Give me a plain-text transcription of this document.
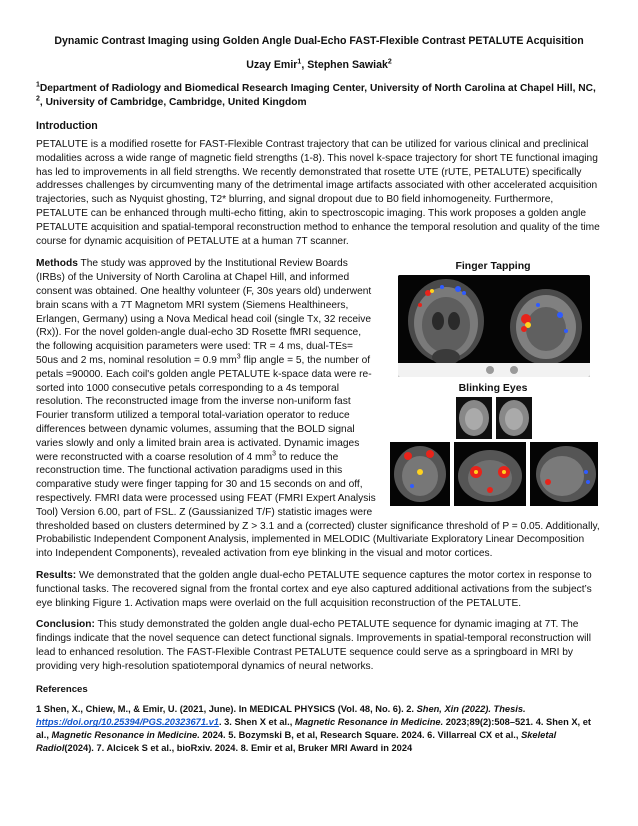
Dynamic Contrast Imaging using Golden Angle Dual-Echo FAST-Flexible Contrast PETALUTE Acquisition
Uzay Emir$^1$, Stephen Sawiak$^2$
$^1$Department of Radiology and Biomedical Research Imaging Center, University of North Carolina at Chapel Hill, NC, $^2$, University of Cambridge, Cambridge, United Kingdom
Introduction
PETALUTE is a modified rosette for FAST-Flexible Contrast trajectory that can be utilized for various clinical and preclinical modalities across a wide range of magnetic field strengths (1-8). This novel k-space trajectory for short TE functional imaging has led to improvements in all field strengths. We recently demonstrated that rosette UTE (rUTE, PETALUTE) specifically addresses challenges by circumventing many of the detrimental image artifacts associated with other accelerated acquisition trajectories, such as Nyquist ghosting, T2* blurring, and signal dropout due to B0 field inhomogeneity. Furthermore, PETALUTE can be enhanced through multi-echo fitting, akin to spectroscopic imaging. This work proposes a golden angle PETALUTE acquisition and spatial-temporal reconstruction method to enhance the temporal resolution and quality of the time course for dynamic acquisition of PETALUTE at a human 7T scanner.
Finger Tapping
Blinking Eyes
Methods The study was approved by the Institutional Review Boards (IRBs) of the University of North Carolina at Chapel Hill, and informed consent was obtained. One healthy volunteer (F, 30s years old) underwent brain scans with a 7T Magnetom MRI system (Siemens Healthineers, Erlangen, Germany) using a Nova Medical head coil (single Tx, 32 receive (Rx)). For the novel golden-angle dual-echo 3D Rosette fMRI sequence, the following acquisition parameters were used: TR = 4 ms, dual-TEs= 50us and 2 ms, nominal resolution = 0.9 $mm^3$ flip angle = 5, the number of petals =90000. Each coil's golden angle PETALUTE k-space data were re-sorted into 1000 consecutive petals corresponding to a 4s temporal resolution. The reconstructed image from the inverse non-uniform fast Fourier transform utilized a temporal total-variation operator to reduce differences between dynamic volumes, assuming that the BOLD signal varies slowly and only a limited brain area is activated. Dynamic images were reconstructed with a coarse resolution of 4 $mm^3$ to reduce the reconstruction time. The functional activation paradigms used in this comparative study were finger tapping for 30 and 15 seconds on and off, respectively. FMRI data were processed using FEAT (FMRI Expert Analysis Tool) Version 6.00, part of FSL. Z (Gaussianized T/F) statistic images were thresholded based on clusters determined by Z > 3.1 and a (corrected) cluster significance threshold of P = 0.05. Additionally, Probabilistic Independent Component Analysis, implemented in MELODIC (Multivariate Exploratory Linear Decomposition into Independent Components), revealed activation from eye blinking in the visual and motor cortices.
Results: We demonstrated that the golden angle dual-echo PETALUTE sequence captures the motor cortex in response to functional tasks. The recovered signal from the frontal cortex and eye also captured additional activations from the subject’s eye blinking Figure 1. Activation maps were overlaid on the full acquisition reconstruction of the PETALUTE.
Conclusion: This study demonstrated the golden angle dual-echo PETALUTE sequence for dynamic imaging at 7T. The findings indicate that the novel sequence can detect functional signals. Improvements in spatial-temporal reconstruction will lead to enhanced resolution. The FAST-Flexible Contrast PETALUTE sequence could serve as a springboard in MRI by providing very high-resolution spatiotemporal dynamics of neural networks.
References
1 Shen, X., Chiew, M., & Emir, U. (2021, June). In MEDICAL PHYSICS (Vol. 48, No. 6). 2. Shen, Xin (2022). Thesis. https://doi.org/10.25394/PGS.20323671.v1. 3. Shen X et al., Magnetic Resonance in Medicine. 2023;89(2):508–521. 4. Shen X, et al., Magnetic Resonance in Medicine. 2024. 5. Bozymski B, et al, Research Square. 2024. 6. Villarreal CX et al., Skeletal Radiol(2024). 7. Alcicek S et al., bioRxiv. 2024. 8. Emir et al, Bruker MRI Award in 2024
